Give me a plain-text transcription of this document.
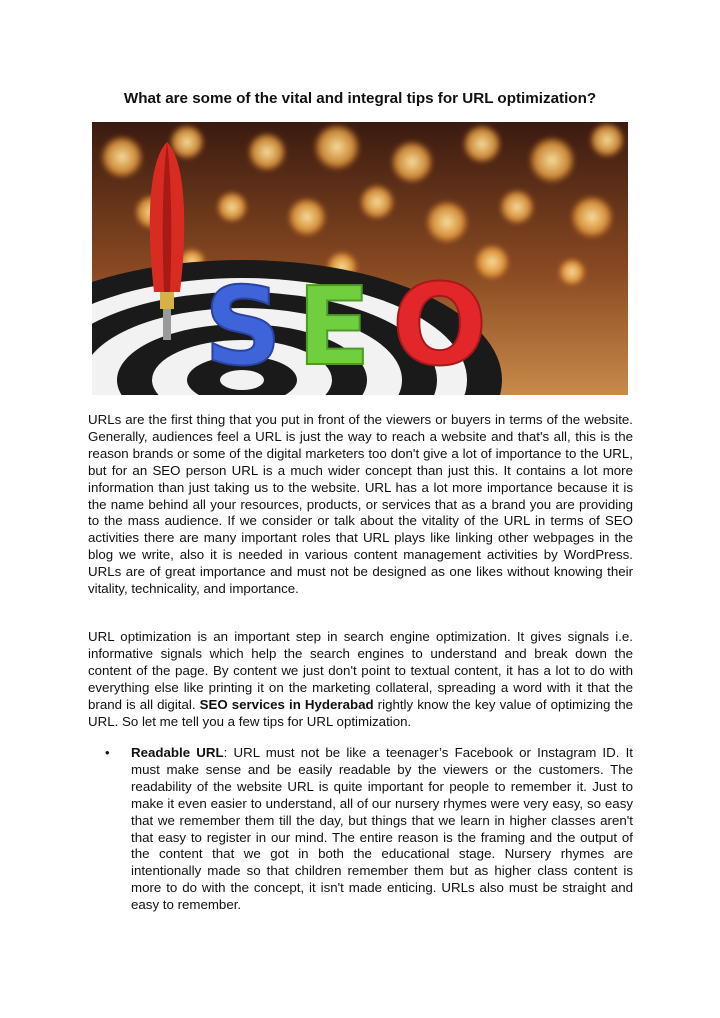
What are some of the vital and integral tips for URL optimization?
S E O

URLs are the first thing that you put in front of the viewers or buyers in terms of the website. Generally, audiences feel a URL is just the way to reach a website and that's all, this is the reason brands or some of the digital marketers too don't give a lot of importance to the URL, but for an SEO person URL is a much wider concept than just this. It contains a lot more information than just taking us to the website. URL has a lot more importance because it is the name behind all your resources, products, or services that as a brand you are providing to the mass audience. If we consider or talk about the vitality of the URL in terms of SEO activities there are many important roles that URL plays like linking other webpages in the blog we write, also it is needed in various content management activities by WordPress. URLs are of great importance and must not be designed as one likes without knowing their vitality, technicality, and importance.

URL optimization is an important step in search engine optimization. It gives signals i.e. informative signals which help the search engines to understand and break down the content of the page. By content we just don't point to textual content, it has a lot to do with everything else like printing it on the marketing collateral, spreading a word with it that the brand is all digital. SEO services in Hyderabad rightly know the key value of optimizing the URL. So let me tell you a few tips for URL optimization.

• Readable URL: URL must not be like a teenager’s Facebook or Instagram ID. It must make sense and be easily readable by the viewers or the customers. The readability of the website URL is quite important for people to remember it. Just to make it even easier to understand, all of our nursery rhymes were very easy, so easy that we remember them till the day, but things that we learn in higher classes aren't that easy to register in our mind. The entire reason is the framing and the output of the content that we got in both the educational stage. Nursery rhymes are intentionally made so that children remember them but as higher class content is more to do with the concept, it isn't made enticing. URLs also must be straight and easy to remember.
